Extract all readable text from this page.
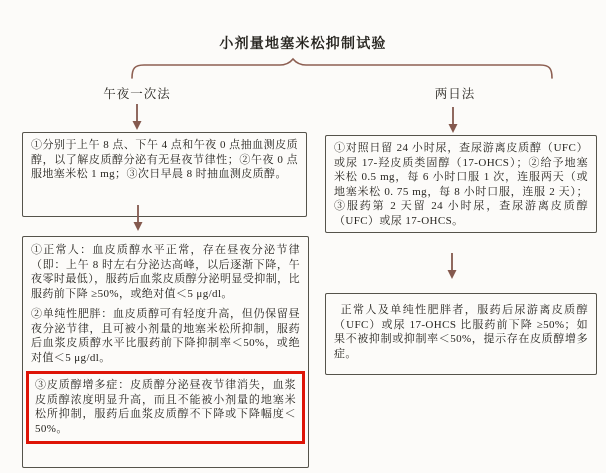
小剂量地塞米松抑制试验
午夜一次法	两日法

①分别于上午 8 点、下午 4 点和午夜 0 点抽血测皮质醇，以了解皮质醇分泌有无昼夜节律性；②午夜 0 点服地塞米松 1 mg；③次日早晨 8 时抽血测皮质醇。

①对照日留 24 小时尿，查尿游离皮质醇（UFC）或尿 17-羟皮质类固醇（17-OHCS）；②给予地塞米松 0.5 mg，每 6 小时口服 1 次，连服两天（或地塞米松 0. 75 mg，每 8 小时口服，连服 2 天）；③服药第 2 天留 24 小时尿，查尿游离皮质醇（UFC）或尿 17-OHCS。

①正常人：血皮质醇水平正常，存在昼夜分泌节律（即：上午 8 时左右分泌达高峰，以后逐渐下降，午夜零时最低），服药后血浆皮质醇分泌明显受抑制，比服药前下降 ≥50%，或绝对值＜5 μg/dl。

②单纯性肥胖：血皮质醇可有轻度升高，但仍保留昼夜分泌节律，且可被小剂量的地塞米松所抑制，服药后血浆皮质醇水平比服药前下降抑制率＜50%，或绝对值＜5 μg/dl。

③皮质醇增多症：皮质醇分泌昼夜节律消失，血浆皮质醇浓度明显升高，而且不能被小剂量的地塞米松所抑制，服药后血浆皮质醇不下降或下降幅度＜50%。

正常人及单纯性肥胖者，服药后尿游离皮质醇（UFC）或尿 17-OHCS 比服药前下降 ≥50%；如果不被抑制或抑制率＜50%，提示存在皮质醇增多症。
